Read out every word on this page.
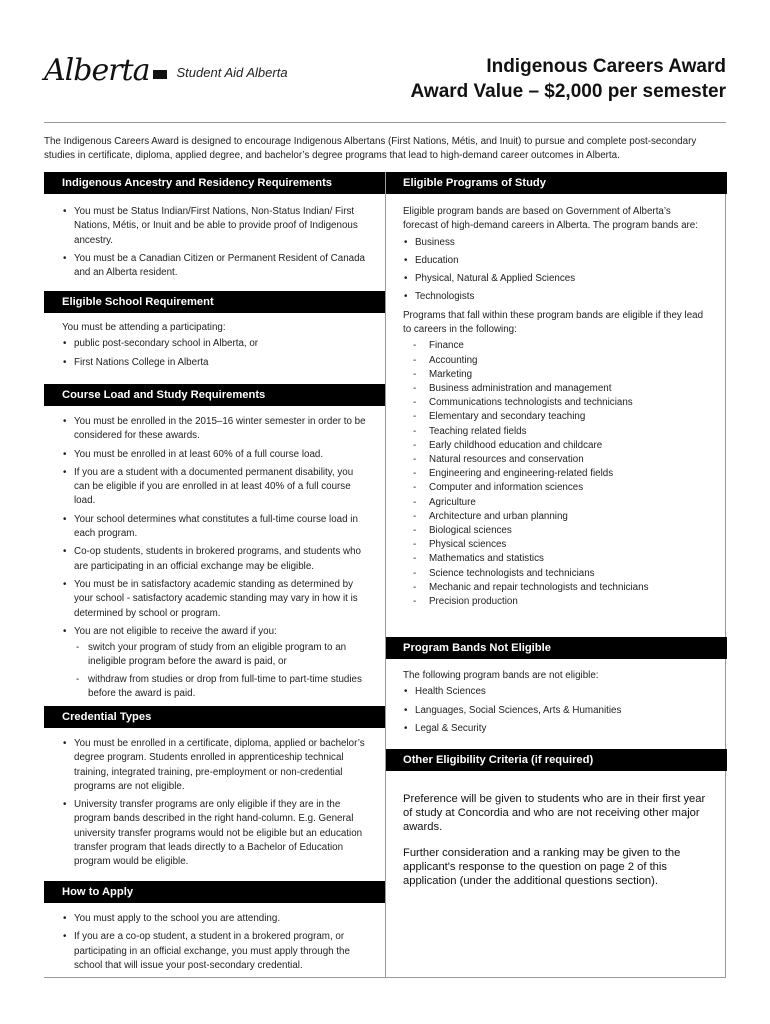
Alberta Student Aid Alberta	Indigenous Careers Award
Award Value – $2,000 per semester
The Indigenous Careers Award is designed to encourage Indigenous Albertans (First Nations, Métis, and Inuit) to pursue and complete post-secondary studies in certificate, diploma, applied degree, and bachelor’s degree programs that lead to high-demand career outcomes in Alberta.
Indigenous Ancestry and Residency Requirements
• You must be Status Indian/First Nations, Non-Status Indian/ First Nations, Métis, or Inuit and be able to provide proof of Indigenous ancestry.
• You must be a Canadian Citizen or Permanent Resident of Canada and an Alberta resident.
Eligible School Requirement
You must be attending a participating:
• public post-secondary school in Alberta, or
• First Nations College in Alberta
Course Load and Study Requirements
• You must be enrolled in the 2015–16 winter semester in order to be considered for these awards.
• You must be enrolled in at least 60% of a full course load.
• If you are a student with a documented permanent disability, you can be eligible if you are enrolled in at least 40% of a full course load.
• Your school determines what constitutes a full-time course load in each program.
• Co-op students, students in brokered programs, and students who are participating in an official exchange may be eligible.
• You must be in satisfactory academic standing as determined by your school - satisfactory academic standing may vary in how it is determined by school or program.
• You are not eligible to receive the award if you:
- switch your program of study from an eligible program to an ineligible program before the award is paid, or
- withdraw from studies or drop from full-time to part-time studies before the award is paid.
Credential Types
• You must be enrolled in a certificate, diploma, applied or bachelor’s degree program. Students enrolled in apprenticeship technical training, integrated training, pre-employment or non-credential programs are not eligible.
• University transfer programs are only eligible if they are in the program bands described in the right hand-column. E.g. General university transfer programs would not be eligible but an education transfer program that leads directly to a Bachelor of Education program would be eligible.
How to Apply
• You must apply to the school you are attending.
• If you are a co-op student, a student in a brokered program, or participating in an official exchange, you must apply through the school that will issue your post-secondary credential.
Eligible Programs of Study
Eligible program bands are based on Government of Alberta’s forecast of high-demand careers in Alberta. The program bands are:
• Business
• Education
• Physical, Natural & Applied Sciences
• Technologists
Programs that fall within these program bands are eligible if they lead to careers in the following:
- Finance
- Accounting
- Marketing
- Business administration and management
- Communications technologists and technicians
- Elementary and secondary teaching
- Teaching related fields
- Early childhood education and childcare
- Natural resources and conservation
- Engineering and engineering-related fields
- Computer and information sciences
- Agriculture
- Architecture and urban planning
- Biological sciences
- Physical sciences
- Mathematics and statistics
- Science technologists and technicians
- Mechanic and repair technologists and technicians
- Precision production
Program Bands Not Eligible
The following program bands are not eligible:
• Health Sciences
• Languages, Social Sciences, Arts & Humanities
• Legal & Security
Other Eligibility Criteria (if required)
Preference will be given to students who are in their first year of study at Concordia and who are not receiving other major awards.
Further consideration and a ranking may be given to the applicant's response to the question on page 2 of this application (under the additional questions section).
